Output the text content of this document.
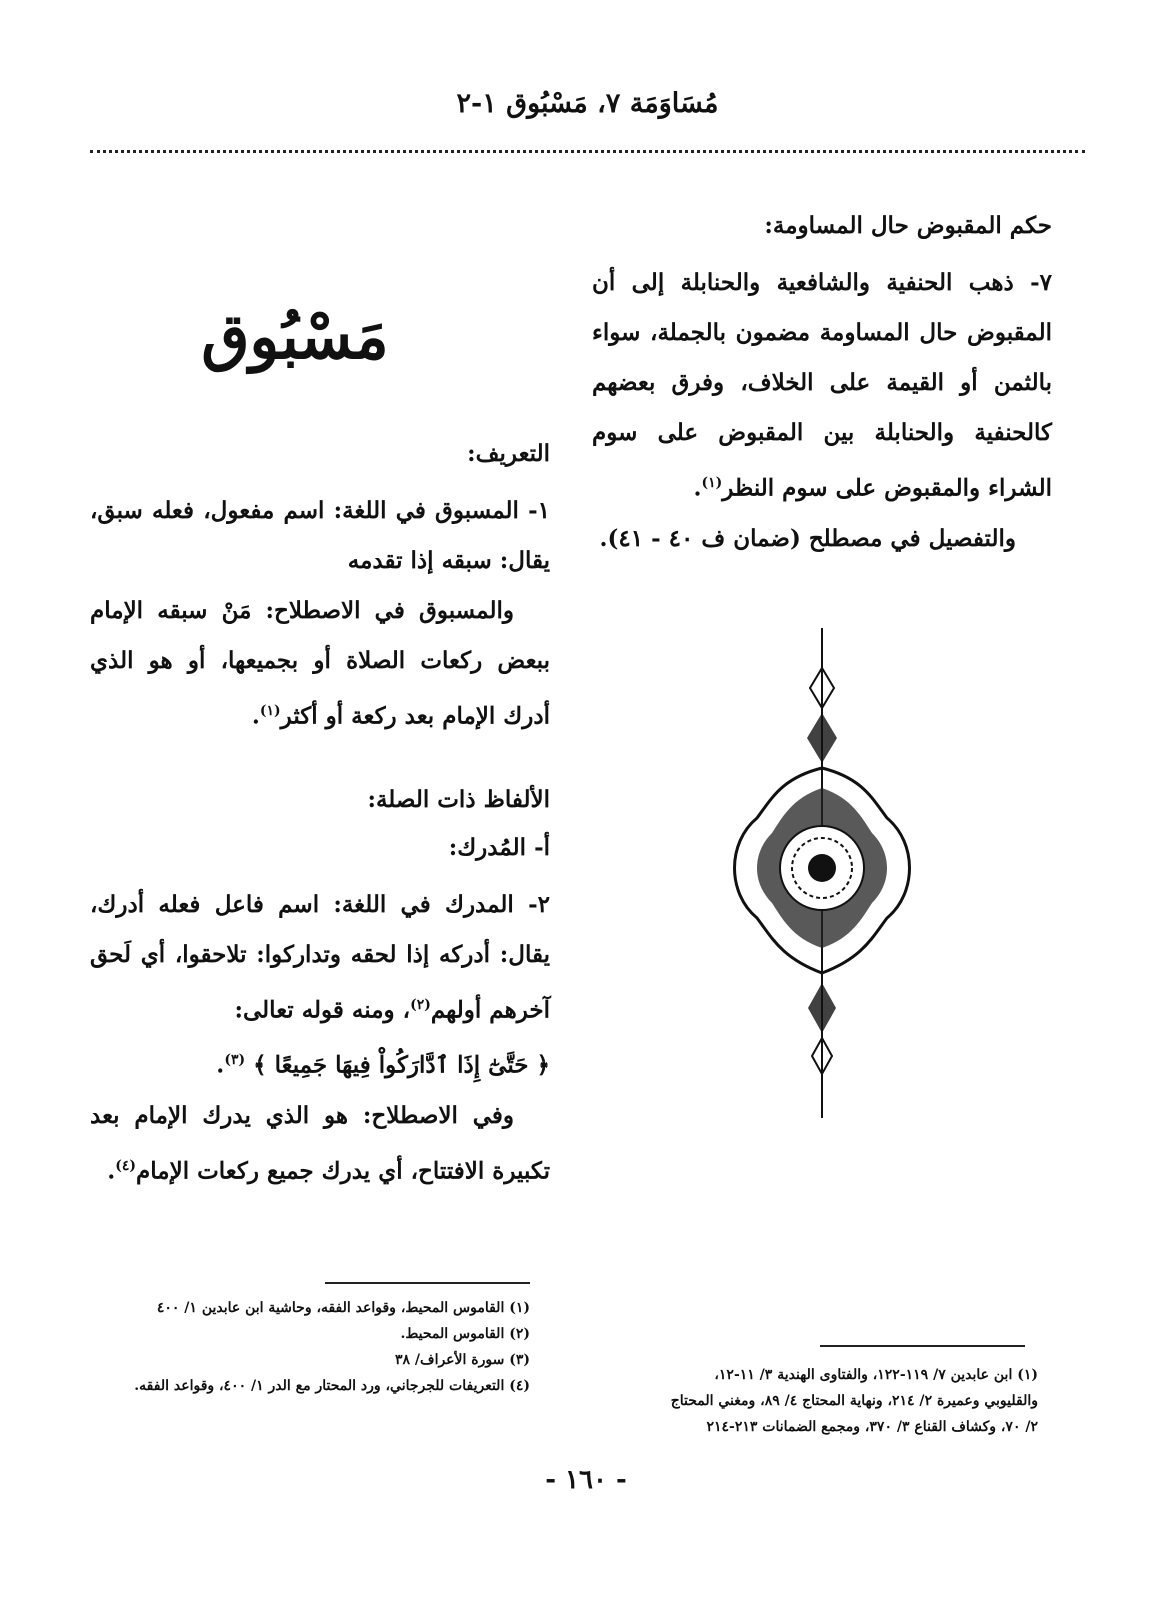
مُسَاوَمَة ٧، مَسْبُوق ١-٢
حكم المقبوض حال المساومة:

٧- ذهب الحنفية والشافعية والحنابلة إلى أن المقبوض حال المساومة مضمون بالجملة، سواء بالثمن أو القيمة على الخلاف، وفرق بعضهم كالحنفية والحنابلة بين المقبوض على سوم الشراء والمقبوض على سوم النظر$^{(١)}$.

والتفصيل في مصطلح (ضمان ف ٤٠ - ٤١).

مَسْبُوق
التعريف:

١- المسبوق في اللغة: اسم مفعول، فعله سبق، يقال: سبقه إذا تقدمه

والمسبوق في الاصطلاح: مَنْ سبقه الإمام ببعض ركعات الصلاة أو بجميعها، أو هو الذي أدرك الإمام بعد ركعة أو أكثر$^{(١)}$.

الألفاظ ذات الصلة:
أ- المُدرك:

٢- المدرك في اللغة: اسم فاعل فعله أدرك، يقال: أدركه إذا لحقه وتداركوا: تلاحقوا، أي لَحق آخرهم أولهم$^{(٢)}$، ومنه قوله تعالى:

﴿ حَتَّىٰٓ إِذَا ٱدَّارَكُواْ فِيهَا جَمِيعًا ﴾ $^{(٣)}$.

وفي الاصطلاح: هو الذي يدرك الإمام بعد تكبيرة الافتتاح، أي يدرك جميع ركعات الإمام$^{(٤)}$.

(١) القاموس المحيط، وقواعد الفقه، وحاشية ابن عابدين ١/ ٤٠٠

(٢) القاموس المحيط.

(٣) سورة الأعراف/ ٣٨

(٤) التعريفات للجرجاني، ورد المحتار مع الدر ١/ ٤٠٠، وقواعد الفقه.

(١) ابن عابدين ٧/ ١١٩-١٢٢، والفتاوى الهندية ٣/ ١١-١٢،

والقليوبي وعميرة ٢/ ٢١٤، ونهاية المحتاج ٤/ ٨٩، ومغني المحتاج

٢/ ٧٠، وكشاف القناع ٣/ ٣٧٠، ومجمع الضمانات ٢١٣-٢١٤

- ١٦٠ -
